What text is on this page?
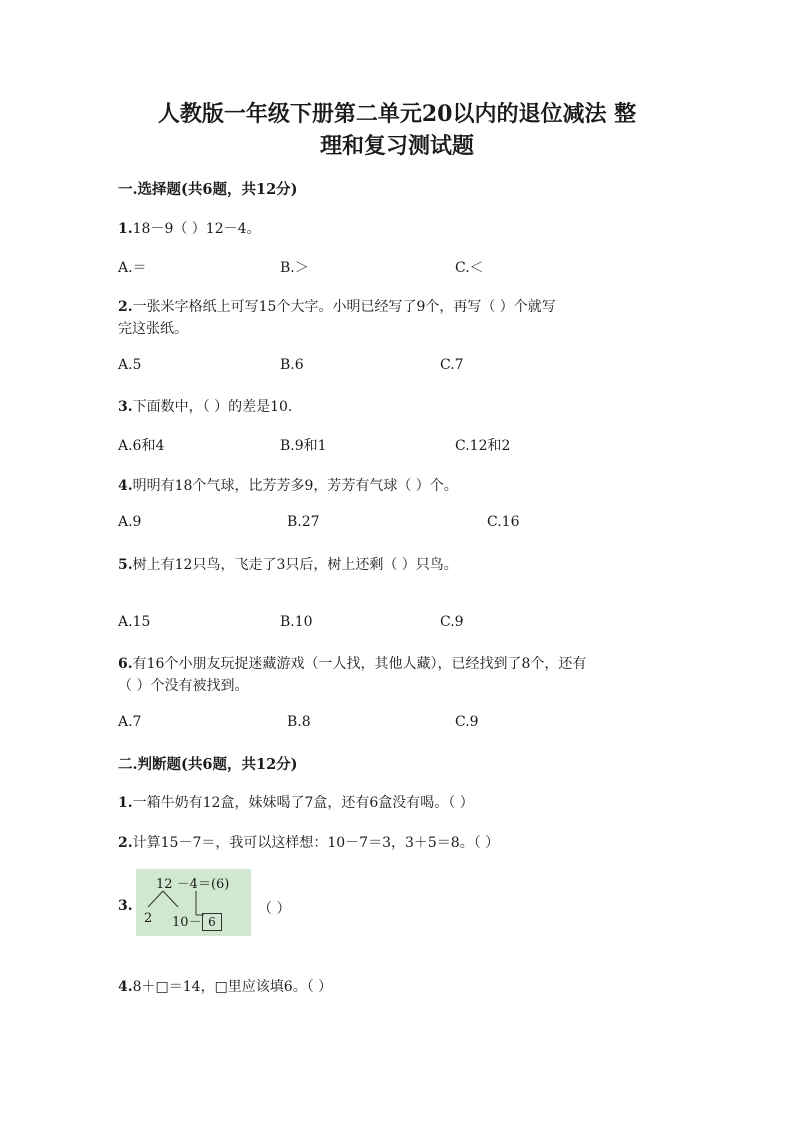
人教版一年级下册第二单元20以内的退位减法 整
理和复习测试题
一.选择题(共6题，共12分)
1.18－9（ ）12－4。
A.＝	B.＞	C.＜
2.一张米字格纸上可写15个大字。小明已经写了9个，再写（ ）个就写
完这张纸。
A.5	B.6	C.7
3.下面数中，（ ）的差是10.
A.6和4	B.9和1	C.12和2
4.明明有18个气球，比芳芳多9，芳芳有气球（ ）个。
A.9	B.27	C.16
5.树上有12只鸟，飞走了3只后，树上还剩（ ）只鸟。
A.15	B.10	C.9
6.有16个小朋友玩捉迷藏游戏（一人找，其他人藏），已经找到了8个，还有
（ ）个没有被找到。
A.7	B.8	C.9
二.判断题(共6题，共12分)
1.一箱牛奶有12盒，妹妹喝了7盒，还有6盒没有喝。（ ）
2.计算15－7＝，我可以这样想：10－7＝3，3＋5＝8。（ ）
3.
12 －4＝(6)
2 10－ 6
（ ）
4.8＋□＝14，□里应该填6。（ ）
